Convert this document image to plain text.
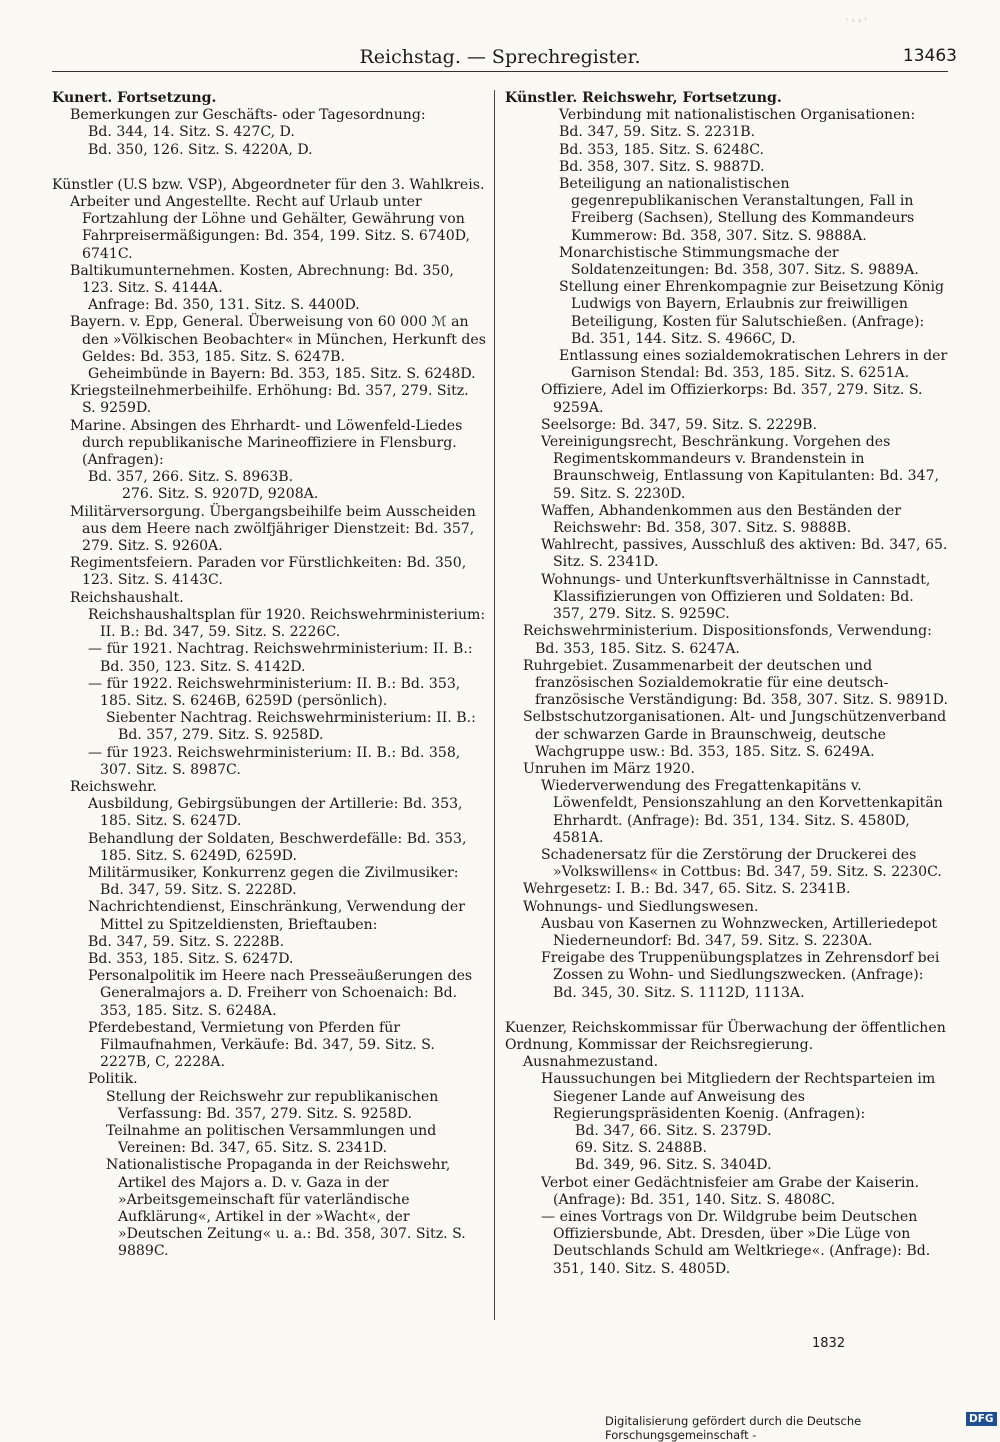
ʿ ˢ ᵃ ʹ
Reichstag. — Sprechregister.	13463

Kunert. Fortsetzung.

Bemerkungen zur Geschäfts- oder Tagesordnung:

Bd. 344, 14. Sitz. S. 427C, D.

Bd. 350, 126. Sitz. S. 4220A, D.

Künstler (U.S bzw. VSP), Abgeordneter für den 3. Wahlkreis.

Arbeiter und Angestellte. Recht auf Urlaub unter Fortzahlung der Löhne und Gehälter, Gewährung von Fahrpreisermäßigungen: Bd. 354, 199. Sitz. S. 6740D, 6741C.

Baltikumunternehmen. Kosten, Abrechnung: Bd. 350, 123. Sitz. S. 4144A.

Anfrage: Bd. 350, 131. Sitz. S. 4400D.

Bayern. v. Epp, General. Überweisung von 60 000 ℳ an den »Völkischen Beobachter« in München, Herkunft des Geldes: Bd. 353, 185. Sitz. S. 6247B.

Geheimbünde in Bayern: Bd. 353, 185. Sitz. S. 6248D.

Kriegsteilnehmerbeihilfe. Erhöhung: Bd. 357, 279. Sitz. S. 9259D.

Marine. Absingen des Ehrhardt- und Löwenfeld-Liedes durch republikanische Marineoffiziere in Flensburg. (Anfragen):

Bd. 357, 266. Sitz. S. 8963B.

276. Sitz. S. 9207D, 9208A.

Militärversorgung. Übergangsbeihilfe beim Ausscheiden aus dem Heere nach zwölfjähriger Dienstzeit: Bd. 357, 279. Sitz. S. 9260A.

Regimentsfeiern. Paraden vor Fürstlichkeiten: Bd. 350, 123. Sitz. S. 4143C.

Reichshaushalt.

Reichshaushaltsplan für 1920. Reichswehrministerium: II. B.: Bd. 347, 59. Sitz. S. 2226C.

— für 1921. Nachtrag. Reichswehrministerium: II. B.: Bd. 350, 123. Sitz. S. 4142D.

— für 1922. Reichswehrministerium: II. B.: Bd. 353, 185. Sitz. S. 6246B, 6259D (persönlich).

Siebenter Nachtrag. Reichswehrministerium: II. B.: Bd. 357, 279. Sitz. S. 9258D.

— für 1923. Reichswehrministerium: II. B.: Bd. 358, 307. Sitz. S. 8987C.

Reichswehr.

Ausbildung, Gebirgsübungen der Artillerie: Bd. 353, 185. Sitz. S. 6247D.

Behandlung der Soldaten, Beschwerdefälle: Bd. 353, 185. Sitz. S. 6249D, 6259D.

Militärmusiker, Konkurrenz gegen die Zivilmusiker: Bd. 347, 59. Sitz. S. 2228D.

Nachrichtendienst, Einschränkung, Verwendung der Mittel zu Spitzeldiensten, Brieftauben:

Bd. 347, 59. Sitz. S. 2228B.

Bd. 353, 185. Sitz. S. 6247D.

Personalpolitik im Heere nach Presseäußerungen des Generalmajors a. D. Freiherr von Schoenaich: Bd. 353, 185. Sitz. S. 6248A.

Pferdebestand, Vermietung von Pferden für Filmaufnahmen, Verkäufe: Bd. 347, 59. Sitz. S. 2227B, C, 2228A.

Politik.

Stellung der Reichswehr zur republikanischen Verfassung: Bd. 357, 279. Sitz. S. 9258D.

Teilnahme an politischen Versammlungen und Vereinen: Bd. 347, 65. Sitz. S. 2341D.

Nationalistische Propaganda in der Reichswehr, Artikel des Majors a. D. v. Gaza in der »Arbeitsgemeinschaft für vaterländische Aufklärung«, Artikel in der »Wacht«, der »Deutschen Zeitung« u. a.: Bd. 358, 307. Sitz. S. 9889C.

Künstler. Reichswehr, Fortsetzung.

Verbindung mit nationalistischen Organisationen:

Bd. 347, 59. Sitz. S. 2231B.

Bd. 353, 185. Sitz. S. 6248C.

Bd. 358, 307. Sitz. S. 9887D.

Beteiligung an nationalistischen gegenrepublikanischen Veranstaltungen, Fall in Freiberg (Sachsen), Stellung des Kommandeurs Kummerow: Bd. 358, 307. Sitz. S. 9888A.

Monarchistische Stimmungsmache der Soldatenzeitungen: Bd. 358, 307. Sitz. S. 9889A.

Stellung einer Ehrenkompagnie zur Beisetzung König Ludwigs von Bayern, Erlaubnis zur freiwilligen Beteiligung, Kosten für Salutschießen. (Anfrage): Bd. 351, 144. Sitz. S. 4966C, D.

Entlassung eines sozialdemokratischen Lehrers in der Garnison Stendal: Bd. 353, 185. Sitz. S. 6251A.

Offiziere, Adel im Offizierkorps: Bd. 357, 279. Sitz. S. 9259A.

Seelsorge: Bd. 347, 59. Sitz. S. 2229B.

Vereinigungsrecht, Beschränkung. Vorgehen des Regimentskommandeurs v. Brandenstein in Braunschweig, Entlassung von Kapitulanten: Bd. 347, 59. Sitz. S. 2230D.

Waffen, Abhandenkommen aus den Beständen der Reichswehr: Bd. 358, 307. Sitz. S. 9888B.

Wahlrecht, passives, Ausschluß des aktiven: Bd. 347, 65. Sitz. S. 2341D.

Wohnungs- und Unterkunftsverhältnisse in Cannstadt, Klassifizierungen von Offizieren und Soldaten: Bd. 357, 279. Sitz. S. 9259C.

Reichswehrministerium. Dispositionsfonds, Verwendung: Bd. 353, 185. Sitz. S. 6247A.

Ruhrgebiet. Zusammenarbeit der deutschen und französischen Sozialdemokratie für eine deutsch-französische Verständigung: Bd. 358, 307. Sitz. S. 9891D.

Selbstschutzorganisationen. Alt- und Jungschützenverband der schwarzen Garde in Braunschweig, deutsche Wachgruppe usw.: Bd. 353, 185. Sitz. S. 6249A.

Unruhen im März 1920.

Wiederverwendung des Fregattenkapitäns v. Löwenfeldt, Pensionszahlung an den Korvettenkapitän Ehrhardt. (Anfrage): Bd. 351, 134. Sitz. S. 4580D, 4581A.

Schadenersatz für die Zerstörung der Druckerei des »Volkswillens« in Cottbus: Bd. 347, 59. Sitz. S. 2230C.

Wehrgesetz: I. B.: Bd. 347, 65. Sitz. S. 2341B.

Wohnungs- und Siedlungswesen.

Ausbau von Kasernen zu Wohnzwecken, Artilleriedepot Niederneundorf: Bd. 347, 59. Sitz. S. 2230A.

Freigabe des Truppenübungsplatzes in Zehrensdorf bei Zossen zu Wohn- und Siedlungszwecken. (Anfrage): Bd. 345, 30. Sitz. S. 1112D, 1113A.

Kuenzer, Reichskommissar für Überwachung der öffentlichen Ordnung, Kommissar der Reichsregierung.

Ausnahmezustand.

Haussuchungen bei Mitgliedern der Rechtsparteien im Siegener Lande auf Anweisung des Regierungspräsidenten Koenig. (Anfragen):

Bd. 347, 66. Sitz. S. 2379D.

69. Sitz. S. 2488B.

Bd. 349, 96. Sitz. S. 3404D.

Verbot einer Gedächtnisfeier am Grabe der Kaiserin. (Anfrage): Bd. 351, 140. Sitz. S. 4808C.

— eines Vortrags von Dr. Wildgrube beim Deutschen Offiziersbunde, Abt. Dresden, über »Die Lüge von Deutschlands Schuld am Weltkriege«. (Anfrage): Bd. 351, 140. Sitz. S. 4805D.

1832
Digitalisierung gefördert durch die Deutsche Forschungsgemeinschaft -
DFG
